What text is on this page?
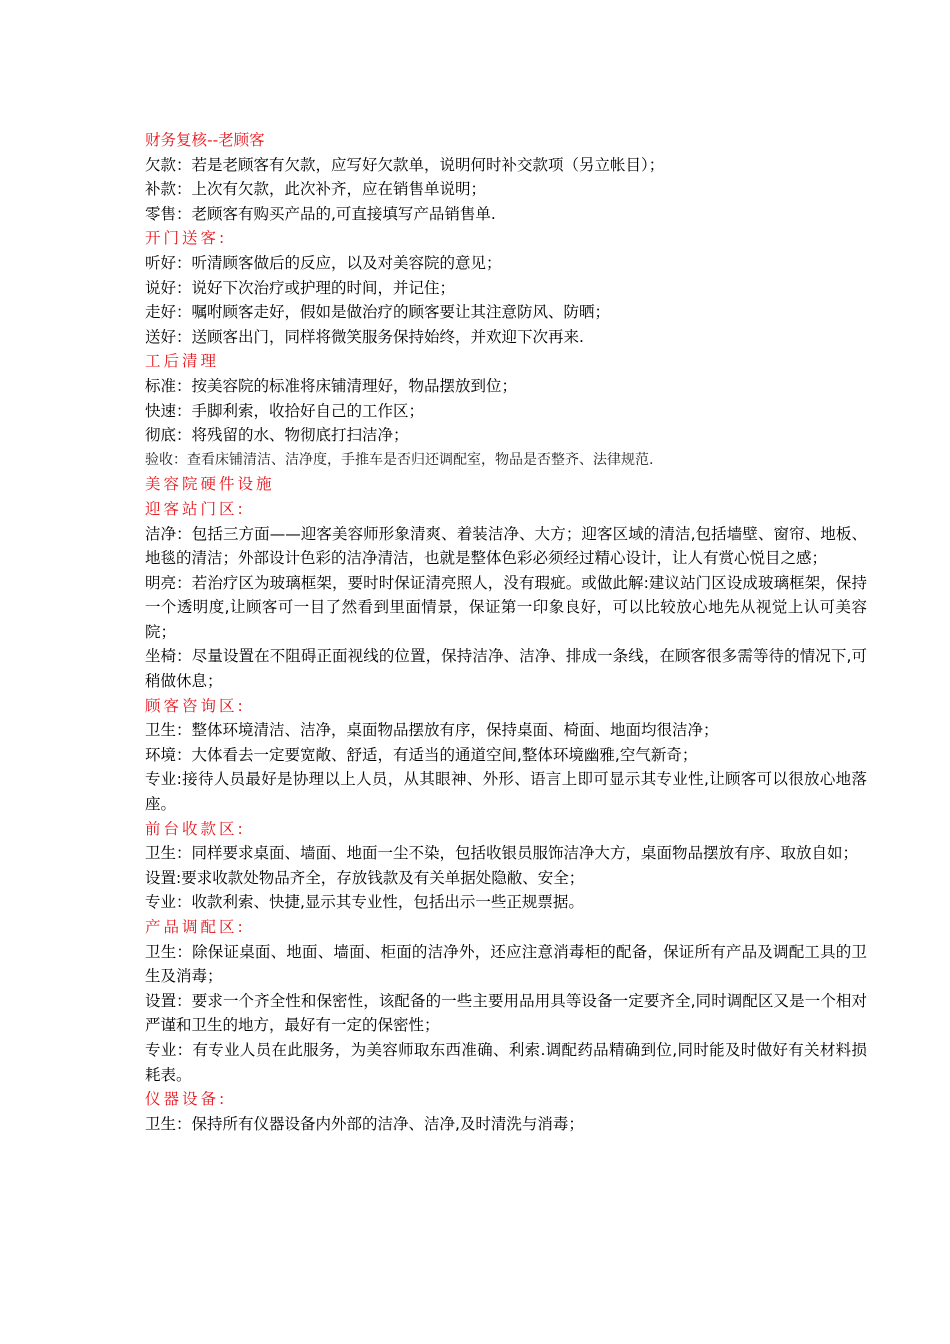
财务复核--老顾客
欠款：若是老顾客有欠款，应写好欠款单，说明何时补交款项（另立帐目）；
补款：上次有欠款，此次补齐，应在销售单说明；
零售：老顾客有购买产品的,可直接填写产品销售单.
开门送客:
听好：听清顾客做后的反应，以及对美容院的意见；
说好：说好下次治疗或护理的时间，并记住；
走好：嘱咐顾客走好，假如是做治疗的顾客要让其注意防风、防晒；
送好：送顾客出门，同样将微笑服务保持始终，并欢迎下次再来.
工后清理
标准：按美容院的标准将床铺清理好，物品摆放到位；
快速：手脚利索，收拾好自己的工作区；
彻底：将残留的水、物彻底打扫洁净；
验收：查看床铺清洁、洁净度，手推车是否归还调配室，物品是否整齐、法律规范.
美容院硬件设施
迎客站门区:
洁净：包括三方面——迎客美容师形象清爽、着装洁净、大方；迎客区域的清洁,包括墙壁、窗帘、地板、地毯的清洁；外部设计色彩的洁净清洁，也就是整体色彩必须经过精心设计，让人有赏心悦目之感；
明亮：若治疗区为玻璃框架，要时时保证清亮照人，没有瑕疵。或做此解:建议站门区设成玻璃框架，保持一个透明度,让顾客可一目了然看到里面情景，保证第一印象良好，可以比较放心地先从视觉上认可美容院；
坐椅：尽量设置在不阻碍正面视线的位置，保持洁净、洁净、排成一条线，在顾客很多需等待的情况下,可稍做休息；
顾客咨询区:
卫生：整体环境清洁、洁净，桌面物品摆放有序，保持桌面、椅面、地面均很洁净；
环境：大体看去一定要宽敞、舒适，有适当的通道空间,整体环境幽雅,空气新奇；
专业:接待人员最好是协理以上人员，从其眼神、外形、语言上即可显示其专业性,让顾客可以很放心地落座。
前台收款区:
卫生：同样要求桌面、墙面、地面一尘不染，包括收银员服饰洁净大方，桌面物品摆放有序、取放自如；
设置:要求收款处物品齐全，存放钱款及有关单据处隐敝、安全；
专业：收款利索、快捷,显示其专业性，包括出示一些正规票据。
产品调配区:
卫生：除保证桌面、地面、墙面、柜面的洁净外，还应注意消毒柜的配备，保证所有产品及调配工具的卫生及消毒；
设置：要求一个齐全性和保密性，该配备的一些主要用品用具等设备一定要齐全,同时调配区又是一个相对严谨和卫生的地方，最好有一定的保密性；
专业：有专业人员在此服务，为美容师取东西准确、利索.调配药品精确到位,同时能及时做好有关材料损耗表。
仪器设备:
卫生：保持所有仪器设备内外部的洁净、洁净,及时清洗与消毒；
